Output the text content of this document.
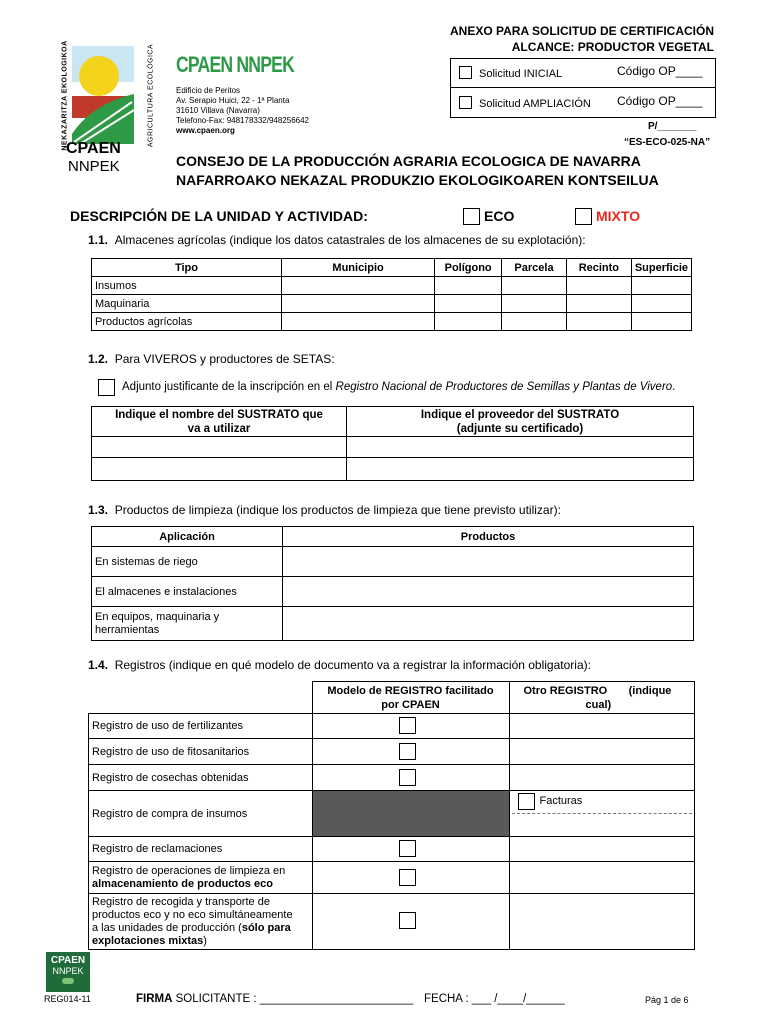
NEKAZARITZA EKOLOGIKOA	AGRICULTURA ECOLÓGICA
CPAEN
NNPEK
CPAEN NNPEK
Edificio de Peritos
Av. Serapio Huici, 22 - 1ª Planta
31610 Villava (Navarra)
Telefono-Fax: 948178332/948256642
www.cpaen.org
ANEXO PARA SOLICITUD DE CERTIFICACIÓN
ALCANCE: PRODUCTOR VEGETAL
Solicitud INICIAL	Código OP____
Solicitud AMPLIACIÓN Código OP____
P/_______
“ES-ECO-025-NA”
CONSEJO DE LA PRODUCCIÓN AGRARIA ECOLOGICA DE NAVARRA
NAFARROAKO NEKAZAL PRODUKZIO EKOLOGIKOAREN KONTSEILUA
DESCRIPCIÓN DE LA UNIDAD Y ACTIVIDAD:	ECO	MIXTO
1.1. Almacenes agrícolas (indique los datos catastrales de los almacenes de su explotación):
Tipo	Municipio	Polígono	Parcela	Recinto	Superficie
Insumos					
Maquinaria					
Productos agrícolas					
1.2. Para VIVEROS y productores de SETAS:
Adjunto justificante de la inscripción en el Registro Nacional de Productores de Semillas y Plantas de Vivero.
Indique el nombre del SUSTRATO que
va a utilizar	Indique el proveedor del SUSTRATO
(adjunte su certificado)

1.3. Productos de limpieza (indique los productos de limpieza que tiene previsto utilizar):
Aplicación	Productos
En sistemas de riego	
El almacenes e instalaciones	
En equipos, maquinaria y
herramientas	
1.4. Registros (indique en qué modelo de documento va a registrar la información obligatoria):
	Modelo de REGISTRO facilitado
por CPAEN	Otro REGISTRO (indique
cual)
Registro de uso de fertilizantes	

Registro de uso de fitosanitarios	

Registro de cosechas obtenidas	

Registro de compra de insumos		Facturas

Registro de reclamaciones	

Registro de operaciones de limpieza en
almacenamiento de productos eco	

Registro de recogida y transporte de
productos eco y no eco simultáneamente
a las unidades de producción (sólo para
explotaciones mixtas)	

CPAEN
NNPEK
REG014-11	FIRMA SOLICITANTE : ________________________ FECHA : ___ /____/______	Pág 1 de 6
